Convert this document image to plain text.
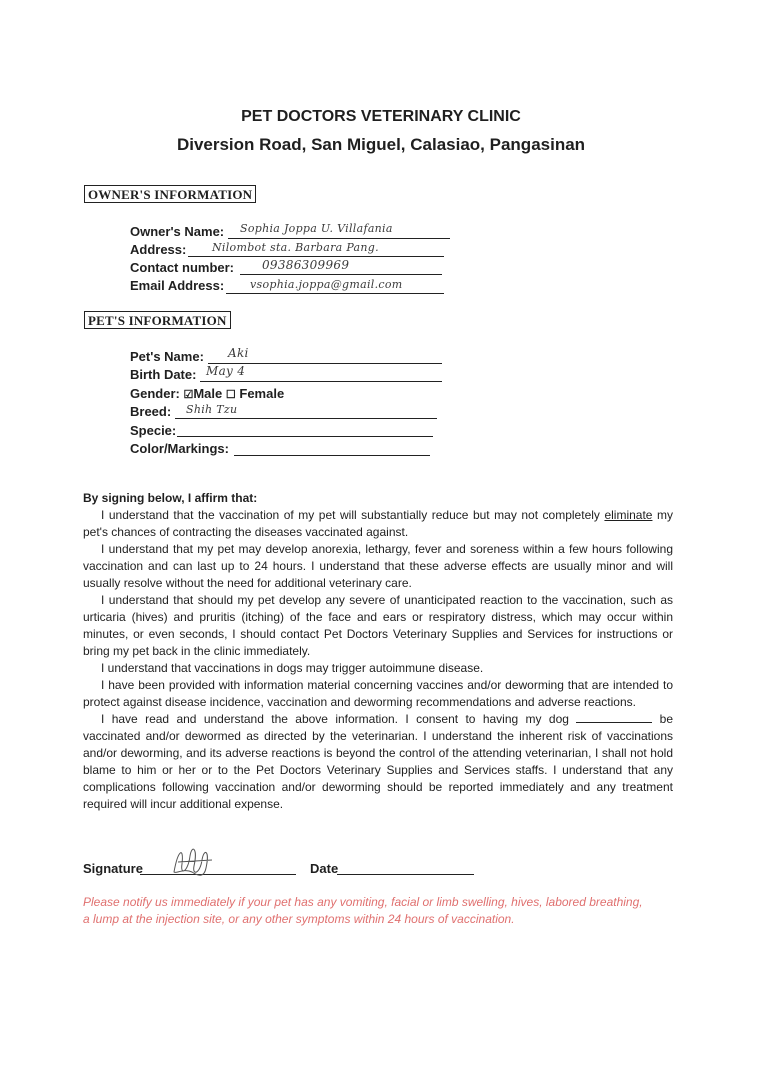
PET DOCTORS VETERINARY CLINIC
Diversion Road, San Miguel, Calasiao, Pangasinan
OWNER'S INFORMATION
Owner's Name: Sophia Joppa U. Villafania
Address: Nilombot sta. Barbara Pang.
Contact number: 09386309969
Email Address: vsophia.joppa@gmail.com
PET'S INFORMATION
Pet's Name: Aki
Birth Date: May 4
Gender: ☑Male ☐ Female
Breed: Shih Tzu
Specie:
Color/Markings:

By signing below, I affirm that:

I understand that the vaccination of my pet will substantially reduce but may not completely eliminate my pet's chances of contracting the diseases vaccinated against.

I understand that my pet may develop anorexia, lethargy, fever and soreness within a few hours following vaccination and can last up to 24 hours. I understand that these adverse effects are usually minor and will usually resolve without the need for additional veterinary care.

I understand that should my pet develop any severe of unanticipated reaction to the vaccination, such as urticaria (hives) and pruritis (itching) of the face and ears or respiratory distress, which may occur within minutes, or even seconds, I should contact Pet Doctors Veterinary Supplies and Services for instructions or bring my pet back in the clinic immediately.

I understand that vaccinations in dogs may trigger autoimmune disease.

I have been provided with information material concerning vaccines and/or deworming that are intended to protect against disease incidence, vaccination and deworming recommendations and adverse reactions.

I have read and understand the above information. I consent to having my dog	be vaccinated and/or dewormed as directed by the veterinarian. I understand the inherent risk of vaccinations and/or deworming, and its adverse reactions is beyond the control of the attending veterinarian, I shall not hold blame to him or her or to the Pet Doctors Veterinary Supplies and Services staffs. I understand that any complications following vaccination and/or deworming should be reported immediately and any treatment required will incur additional expense.

Signature	Date
Please notify us immediately if your pet has any vomiting, facial or limb swelling, hives, labored breathing, a lump at the injection site, or any other symptoms within 24 hours of vaccination.
